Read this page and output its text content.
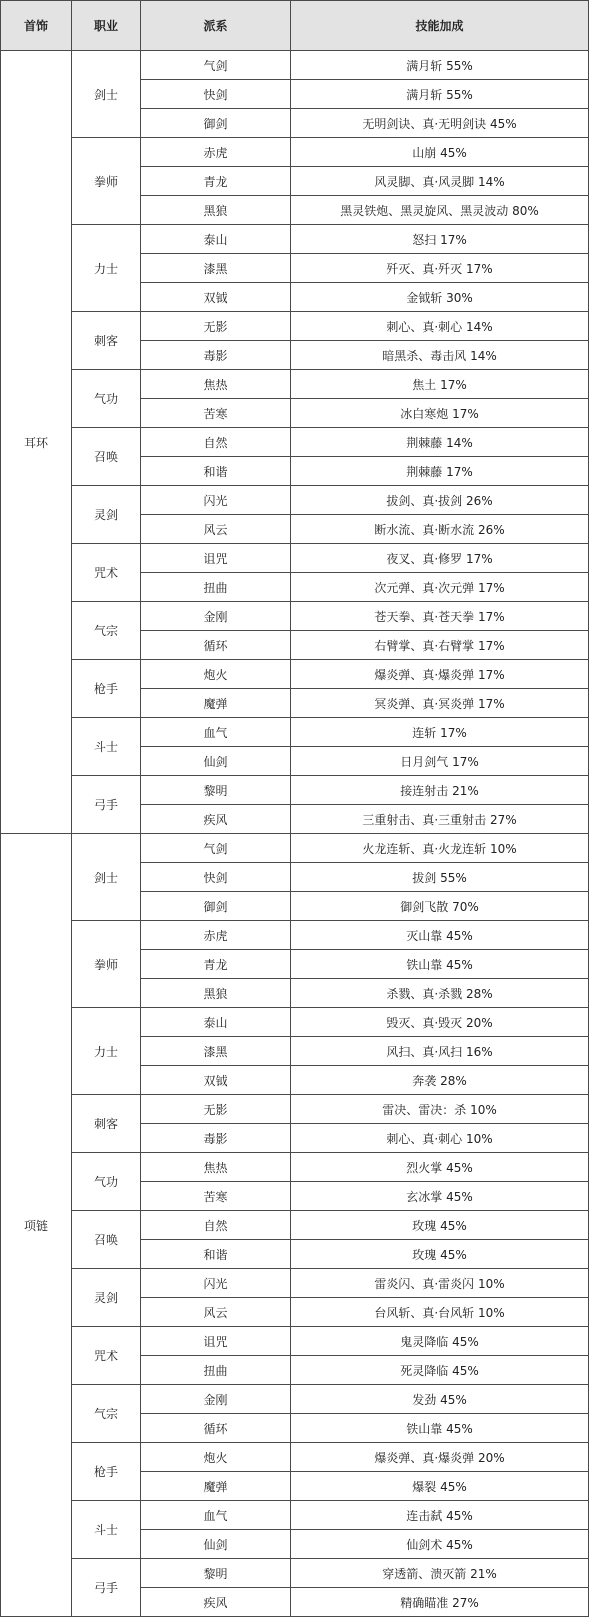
首饰	职业	派系	技能加成
耳环	剑士	气剑	满月斩 55%
		快剑	满月斩 55%
		御剑	无明剑诀、真·无明剑诀 45%
	拳师	赤虎	山崩 45%
		青龙	风灵脚、真·风灵脚 14%
		黑狼	黑灵铁炮、黑灵旋风、黑灵波动 80%
	力士	泰山	怒扫 17%
		漆黑	歼灭、真·歼灭 17%
		双钺	金钺斩 30%
	刺客	无影	刺心、真·刺心 14%
		毒影	暗黑杀、毒击风 14%
	气功	焦热	焦土 17%
		苦寒	冰白寒炮 17%
	召唤	自然	荆棘藤 14%
		和谐	荆棘藤 17%
	灵剑	闪光	拔剑、真·拔剑 26%
		风云	断水流、真·断水流 26%
	咒术	诅咒	夜叉、真·修罗 17%
		扭曲	次元弹、真·次元弹 17%
	气宗	金刚	苍天拳、真·苍天拳 17%
		循环	右臂掌、真·右臂掌 17%
	枪手	炮火	爆炎弹、真·爆炎弹 17%
		魔弹	冥炎弹、真·冥炎弹 17%
	斗士	血气	连斩 17%
		仙剑	日月剑气 17%
	弓手	黎明	接连射击 21%
		疾风	三重射击、真·三重射击 27%
项链	剑士	气剑	火龙连斩、真·火龙连斩 10%
		快剑	拔剑 55%
		御剑	御剑飞散 70%
	拳师	赤虎	灭山靠 45%
		青龙	铁山靠 45%
		黑狼	杀戮、真·杀戮 28%
	力士	泰山	毁灭、真·毁灭 20%
		漆黑	风扫、真·风扫 16%
		双钺	奔袭 28%
	刺客	无影	雷决、雷决：杀 10%
		毒影	刺心、真·刺心 10%
	气功	焦热	烈火掌 45%
		苦寒	玄冰掌 45%
	召唤	自然	玫瑰 45%
		和谐	玫瑰 45%
	灵剑	闪光	雷炎闪、真·雷炎闪 10%
		风云	台风斩、真·台风斩 10%
	咒术	诅咒	鬼灵降临 45%
		扭曲	死灵降临 45%
	气宗	金刚	发劲 45%
		循环	铁山靠 45%
	枪手	炮火	爆炎弹、真·爆炎弹 20%
		魔弹	爆裂 45%
	斗士	血气	连击弑 45%
		仙剑	仙剑术 45%
	弓手	黎明	穿透箭、溃灭箭 21%
		疾风	精确瞄准 27%
